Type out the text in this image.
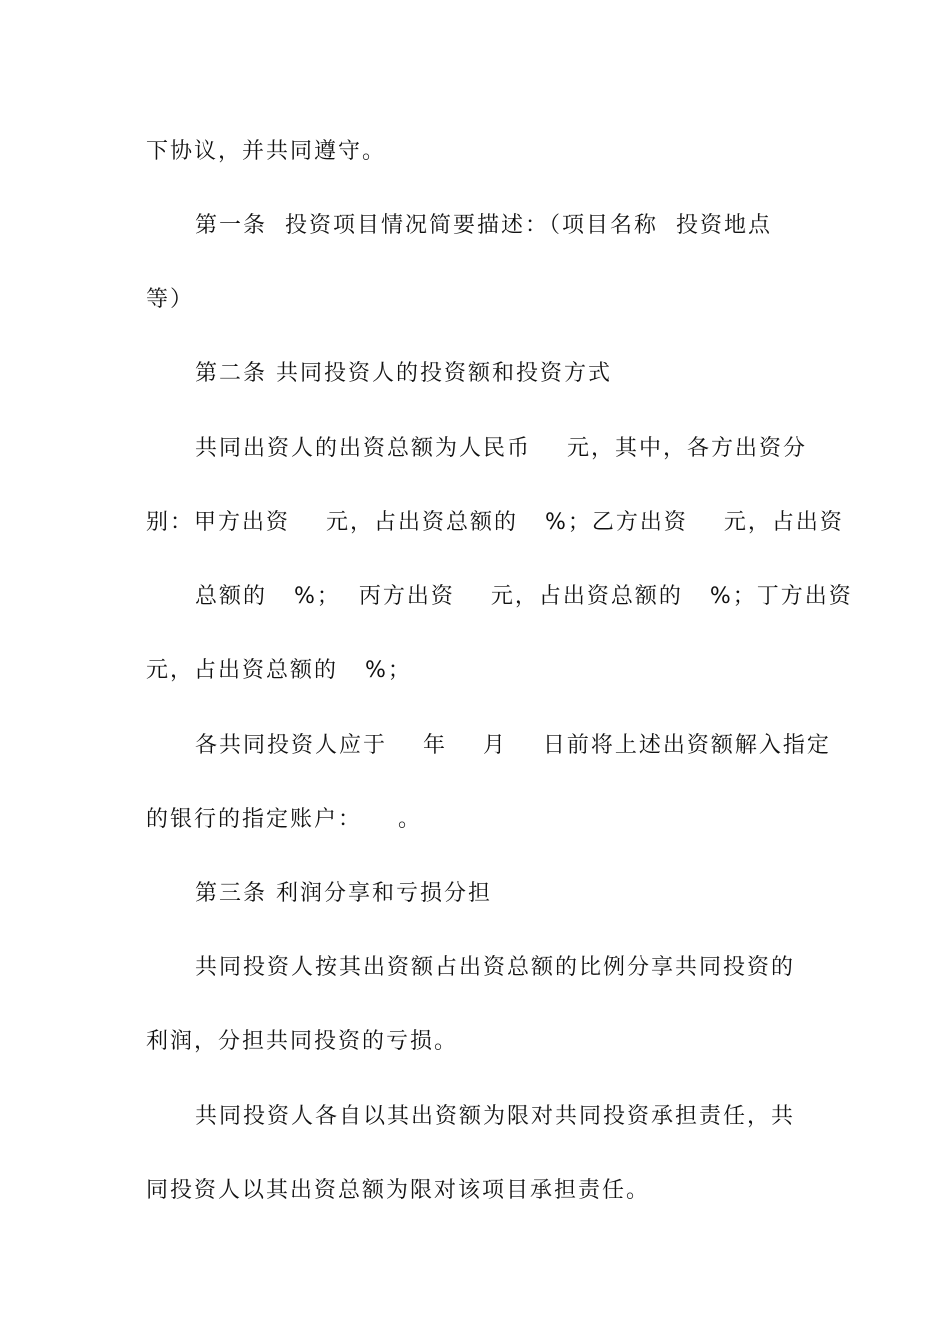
下协议，并共同遵守。
第一条  投资项目情况简要描述：（项目名称  投资地点
等）
第二条 共同投资人的投资额和投资方式
共同出资人的出资总额为人民币    元，其中，各方出资分
别：甲方出资    元，占出资总额的   %；乙方出资    元，占出资
总额的   %；  丙方出资    元，占出资总额的   %；丁方出资
元，占出资总额的   %；
各共同投资人应于    年    月    日前将上述出资额解入指定
的银行的指定账户：    。
第三条 利润分享和亏损分担
共同投资人按其出资额占出资总额的比例分享共同投资的
利润，分担共同投资的亏损。
共同投资人各自以其出资额为限对共同投资承担责任，共
同投资人以其出资总额为限对该项目承担责任。
